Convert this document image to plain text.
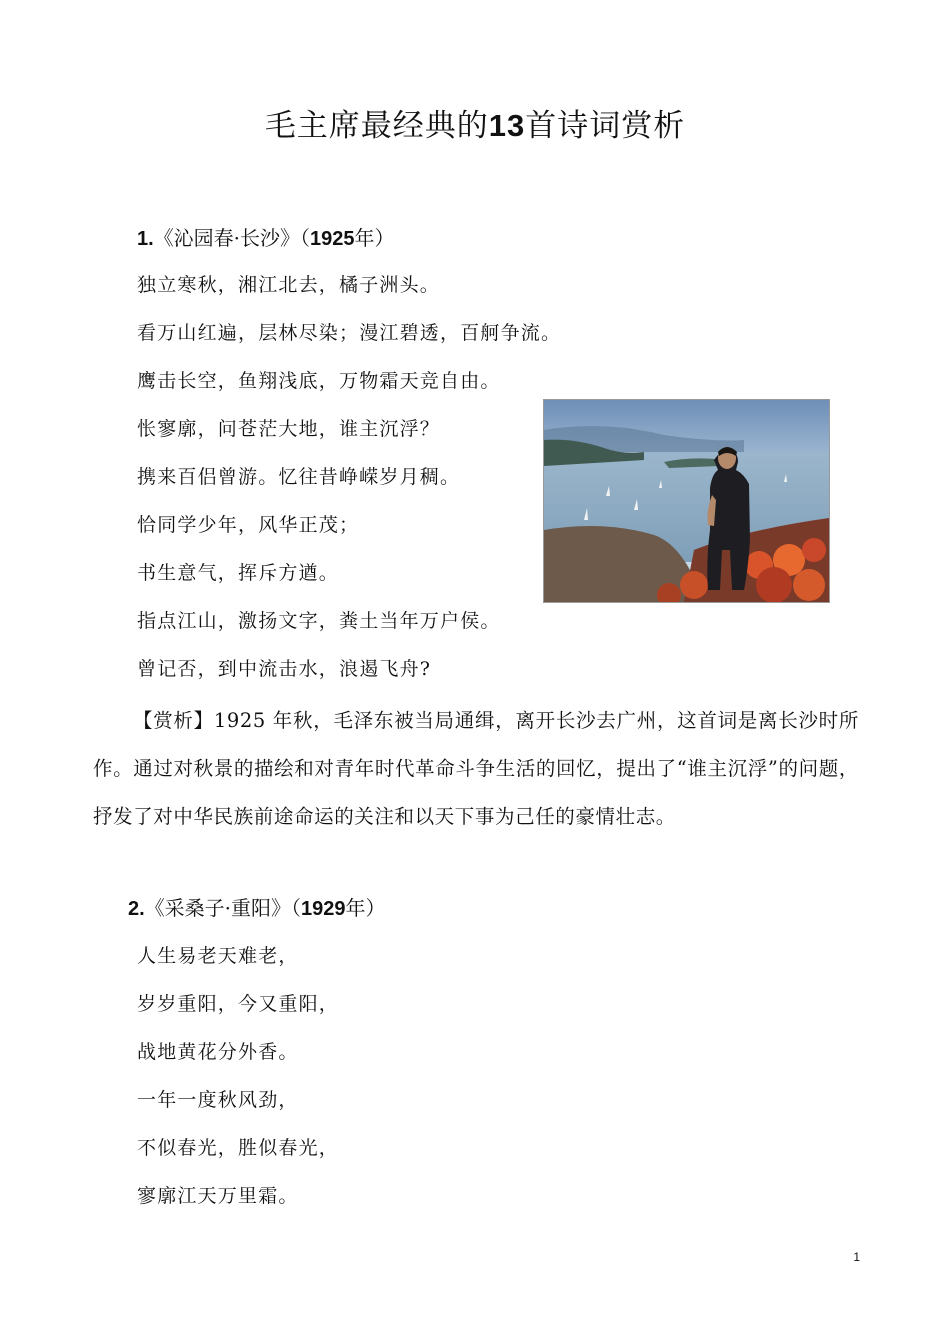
毛主席最经典的13首诗词赏析
1.《沁园春·长沙》（1925年）
独立寒秋，湘江北去，橘子洲头。
看万山红遍，层林尽染；漫江碧透，百舸争流。
鹰击长空，鱼翔浅底，万物霜天竞自由。
怅寥廓，问苍茫大地，谁主沉浮？
携来百侣曾游。忆往昔峥嵘岁月稠。
恰同学少年，风华正茂；
书生意气，挥斥方遒。
指点江山，激扬文字，粪土当年万户侯。
曾记否，到中流击水，浪遏飞舟?
【赏析】1925 年秋，毛泽东被当局通缉，离开长沙去广州，这首词是离长沙时所作。通过对秋景的描绘和对青年时代革命斗争生活的回忆，提出了“谁主沉浮”的问题，抒发了对中华民族前途命运的关注和以天下事为己任的豪情壮志。
2.《采桑子·重阳》（1929年）
人生易老天难老，
岁岁重阳，今又重阳，
战地黄花分外香。
一年一度秋风劲，
不似春光，胜似春光，
寥廓江天万里霜。
1
